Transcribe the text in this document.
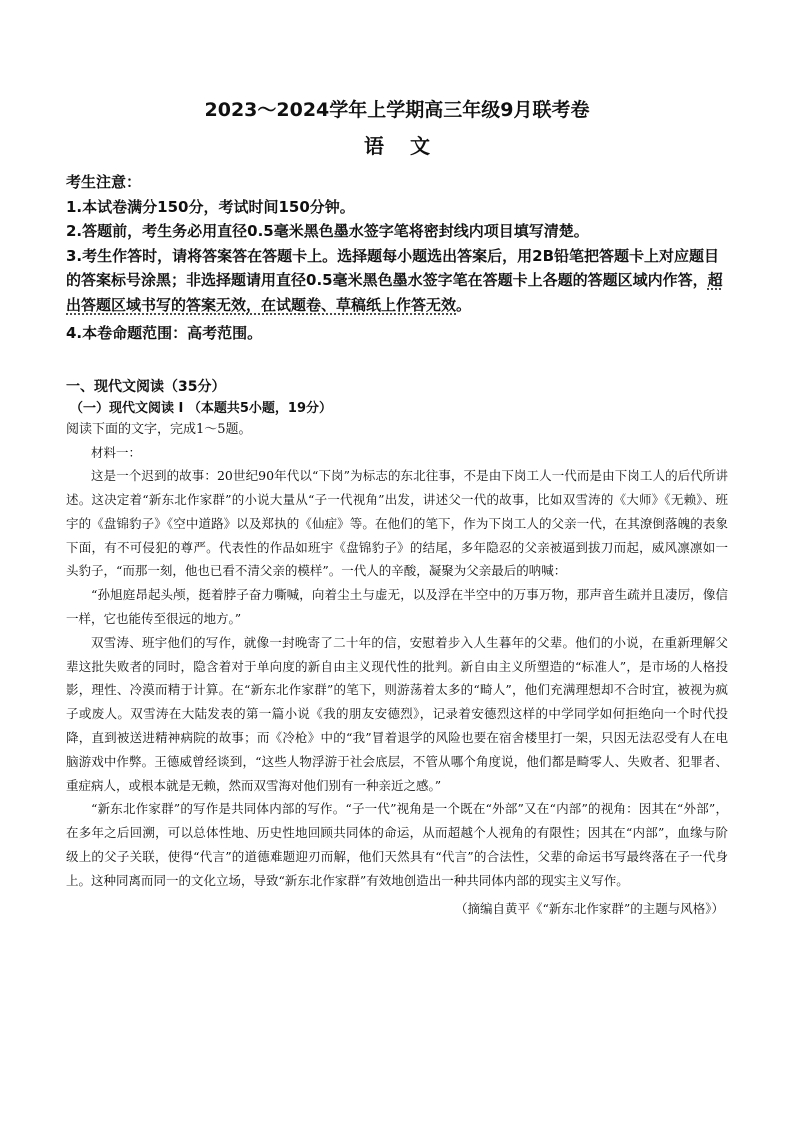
2023～2024学年上学期高三年级9月联考卷
语文

考生注意：

1.本试卷满分150分，考试时间150分钟。

2.答题前，考生务必用直径0.5毫米黑色墨水签字笔将密封线内项目填写清楚。

3.考生作答时，请将答案答在答题卡上。选择题每小题选出答案后，用2B铅笔把答题卡上对应题目的答案标号涂黑；非选择题请用直径0.5毫米黑色墨水签字笔在答题卡上各题的答题区域内作答，超出答题区域书写的答案无效，在试题卷、草稿纸上作答无效。

4.本卷命题范围：高考范围。

一、现代文阅读（35分）
（一）现代文阅读 I （本题共5小题，19分）
阅读下面的文字，完成1～5题。

材料一：

这是一个迟到的故事：20世纪90年代以“下岗”为标志的东北往事，不是由下岗工人一代而是由下岗工人的后代所讲述。这决定着“新东北作家群”的小说大量从“子一代视角”出发，讲述父一代的故事，比如双雪涛的《大师》《无赖》、班宇的《盘锦豹子》《空中道路》以及郑执的《仙症》等。在他们的笔下，作为下岗工人的父亲一代，在其潦倒落魄的表象下面，有不可侵犯的尊严。代表性的作品如班宇《盘锦豹子》的结尾，多年隐忍的父亲被逼到拔刀而起，威风凛凛如一头豹子，“而那一刻，他也已看不清父亲的模样”。一代人的辛酸，凝聚为父亲最后的呐喊：

“孙旭庭昂起头颅，挺着脖子奋力嘶喊，向着尘土与虚无，以及浮在半空中的万事万物，那声音生疏并且凄厉，像信一样，它也能传至很远的地方。”

双雪涛、班宇他们的写作，就像一封晚寄了二十年的信，安慰着步入人生暮年的父辈。他们的小说，在重新理解父辈这批失败者的同时，隐含着对于单向度的新自由主义现代性的批判。新自由主义所塑造的“标准人”，是市场的人格投影，理性、冷漠而精于计算。在“新东北作家群”的笔下，则游荡着太多的“畸人”，他们充满理想却不合时宜，被视为疯子或废人。双雪涛在大陆发表的第一篇小说《我的朋友安德烈》，记录着安德烈这样的中学同学如何拒绝向一个时代投降，直到被送进精神病院的故事；而《冷枪》中的“我”冒着退学的风险也要在宿舍楼里打一架，只因无法忍受有人在电脑游戏中作弊。王德威曾经谈到，“这些人物浮游于社会底层，不管从哪个角度说，他们都是畸零人、失败者、犯罪者、重症病人，或根本就是无赖，然而双雪海对他们别有一种亲近之感。”

“新东北作家群”的写作是共同体内部的写作。“子一代”视角是一个既在“外部”又在“内部”的视角：因其在“外部”，在多年之后回溯，可以总体性地、历史性地回顾共同体的命运，从而超越个人视角的有限性；因其在“内部”，血缘与阶级上的父子关联，使得“代言”的道德难题迎刃而解，他们天然具有“代言”的合法性，父辈的命运书写最终落在子一代身上。这种同离而同一的文化立场，导致“新东北作家群”有效地创造出一种共同体内部的现实主义写作。

（摘编自黄平《“新东北作家群”的主题与风格》）
